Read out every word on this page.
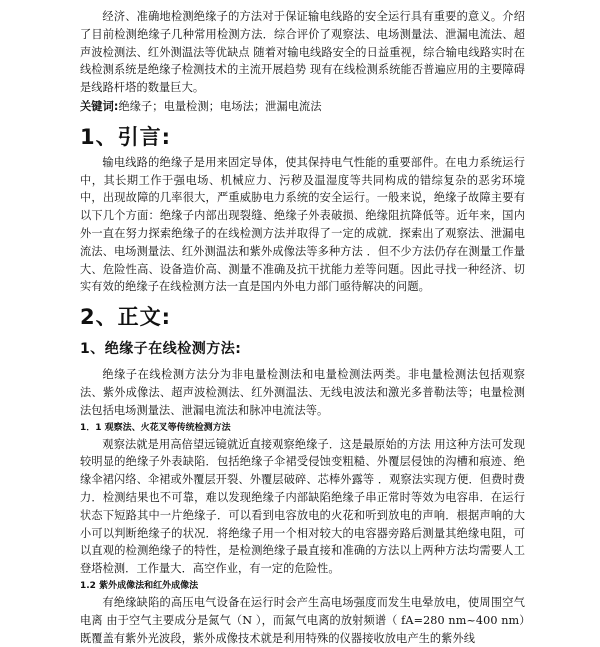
经济、准确地检测绝缘子的方法对于保证输电线路的安全运行具有重要的意义。介绍了目前检测绝缘子几种常用检测方法．综合评价了观察法、电场测量法、泄漏电流法、超声波检测法、红外测温法等优缺点 随着对输电线路安全的日益重视，综合输电线路实时在线检测系统是绝缘子检测技术的主流开展趋势 现有在线检测系统能否普遍应用的主要障碍是线路杆塔的数量巨大。

关键词:绝缘子；电量检测；电场法；泄漏电流法

1、引言:

输电线路的绝缘子是用来固定导体，使其保持电气性能的重要部件。在电力系统运行中，其长期工作于强电场、机械应力、污秽及温湿度等共同构成的错综复杂的恶劣环境中，出现故障的几率很大，严重威胁电力系统的安全运行。一般来说，绝缘子故障主要有以下几个方面：绝缘子内部出现裂缝、绝缘子外表破损、绝缘阻抗降低等。近年来，国内外一直在努力探索绝缘子的在线检测方法并取得了一定的成就．探索出了观察法、泄漏电流法、电场测量法、红外测温法和紫外成像法等多种方法 ．但不少方法仍存在测量工作量大、危险性高、设备造价高、测量不准确及抗干扰能力差等问题。因此寻找一种经济、切实有效的绝缘子在线检测方法一直是国内外电力部门亟待解决的问题。

2、正文:
1、绝缘子在线检测方法:

绝缘子在线检测方法分为非电量检测法和电量检测法两类。非电量检测法包括观察法、紫外成像法、超声波检测法、红外测温法、无线电波法和激光多普勒法等；电量检测法包括电场测量法、泄漏电流法和脉冲电流法等。

1．1 观察法、火花叉等传统检测方法

观察法就是用高倍望远镜就近直接观察绝缘子．这是最原始的方法 用这种方法可发现较明显的绝缘子外表缺陷．包括绝缘子伞裙受侵蚀变粗糙、外覆层侵蚀的沟槽和痕迹、绝缘伞裙闪络、伞裙或外覆层开裂、外覆层破碎、芯棒外露等 ．观察法实现方便．但费时费力．检测结果也不可靠，难以发现绝缘子内部缺陷绝缘子串正常时等效为电容串．在运行状态下短路其中一片绝缘子．可以看到电容放电的火花和听到放电的声响．根据声响的大小可以判断绝缘子的状况．将绝缘子用一个相对较大的电容器旁路后测量其绝缘电阻，可以直观的检测绝缘子的特性，是检测绝缘子最直接和准确的方法以上两种方法均需要人工登塔检测．工作量大．高空作业，有一定的危险性。

1.2 紫外成像法和红外成像法

有绝缘缺陷的高压电气设备在运行时会产生高电场强度而发生电晕放电，使周围空气电离 由于空气主要成分是氮气（N ），而氮气电离的放射频谱（ fA=280 nm~400 nm）既覆盖有紫外光波段，紫外成像技术就是利用特殊的仪器接收放电产生的紫外线
